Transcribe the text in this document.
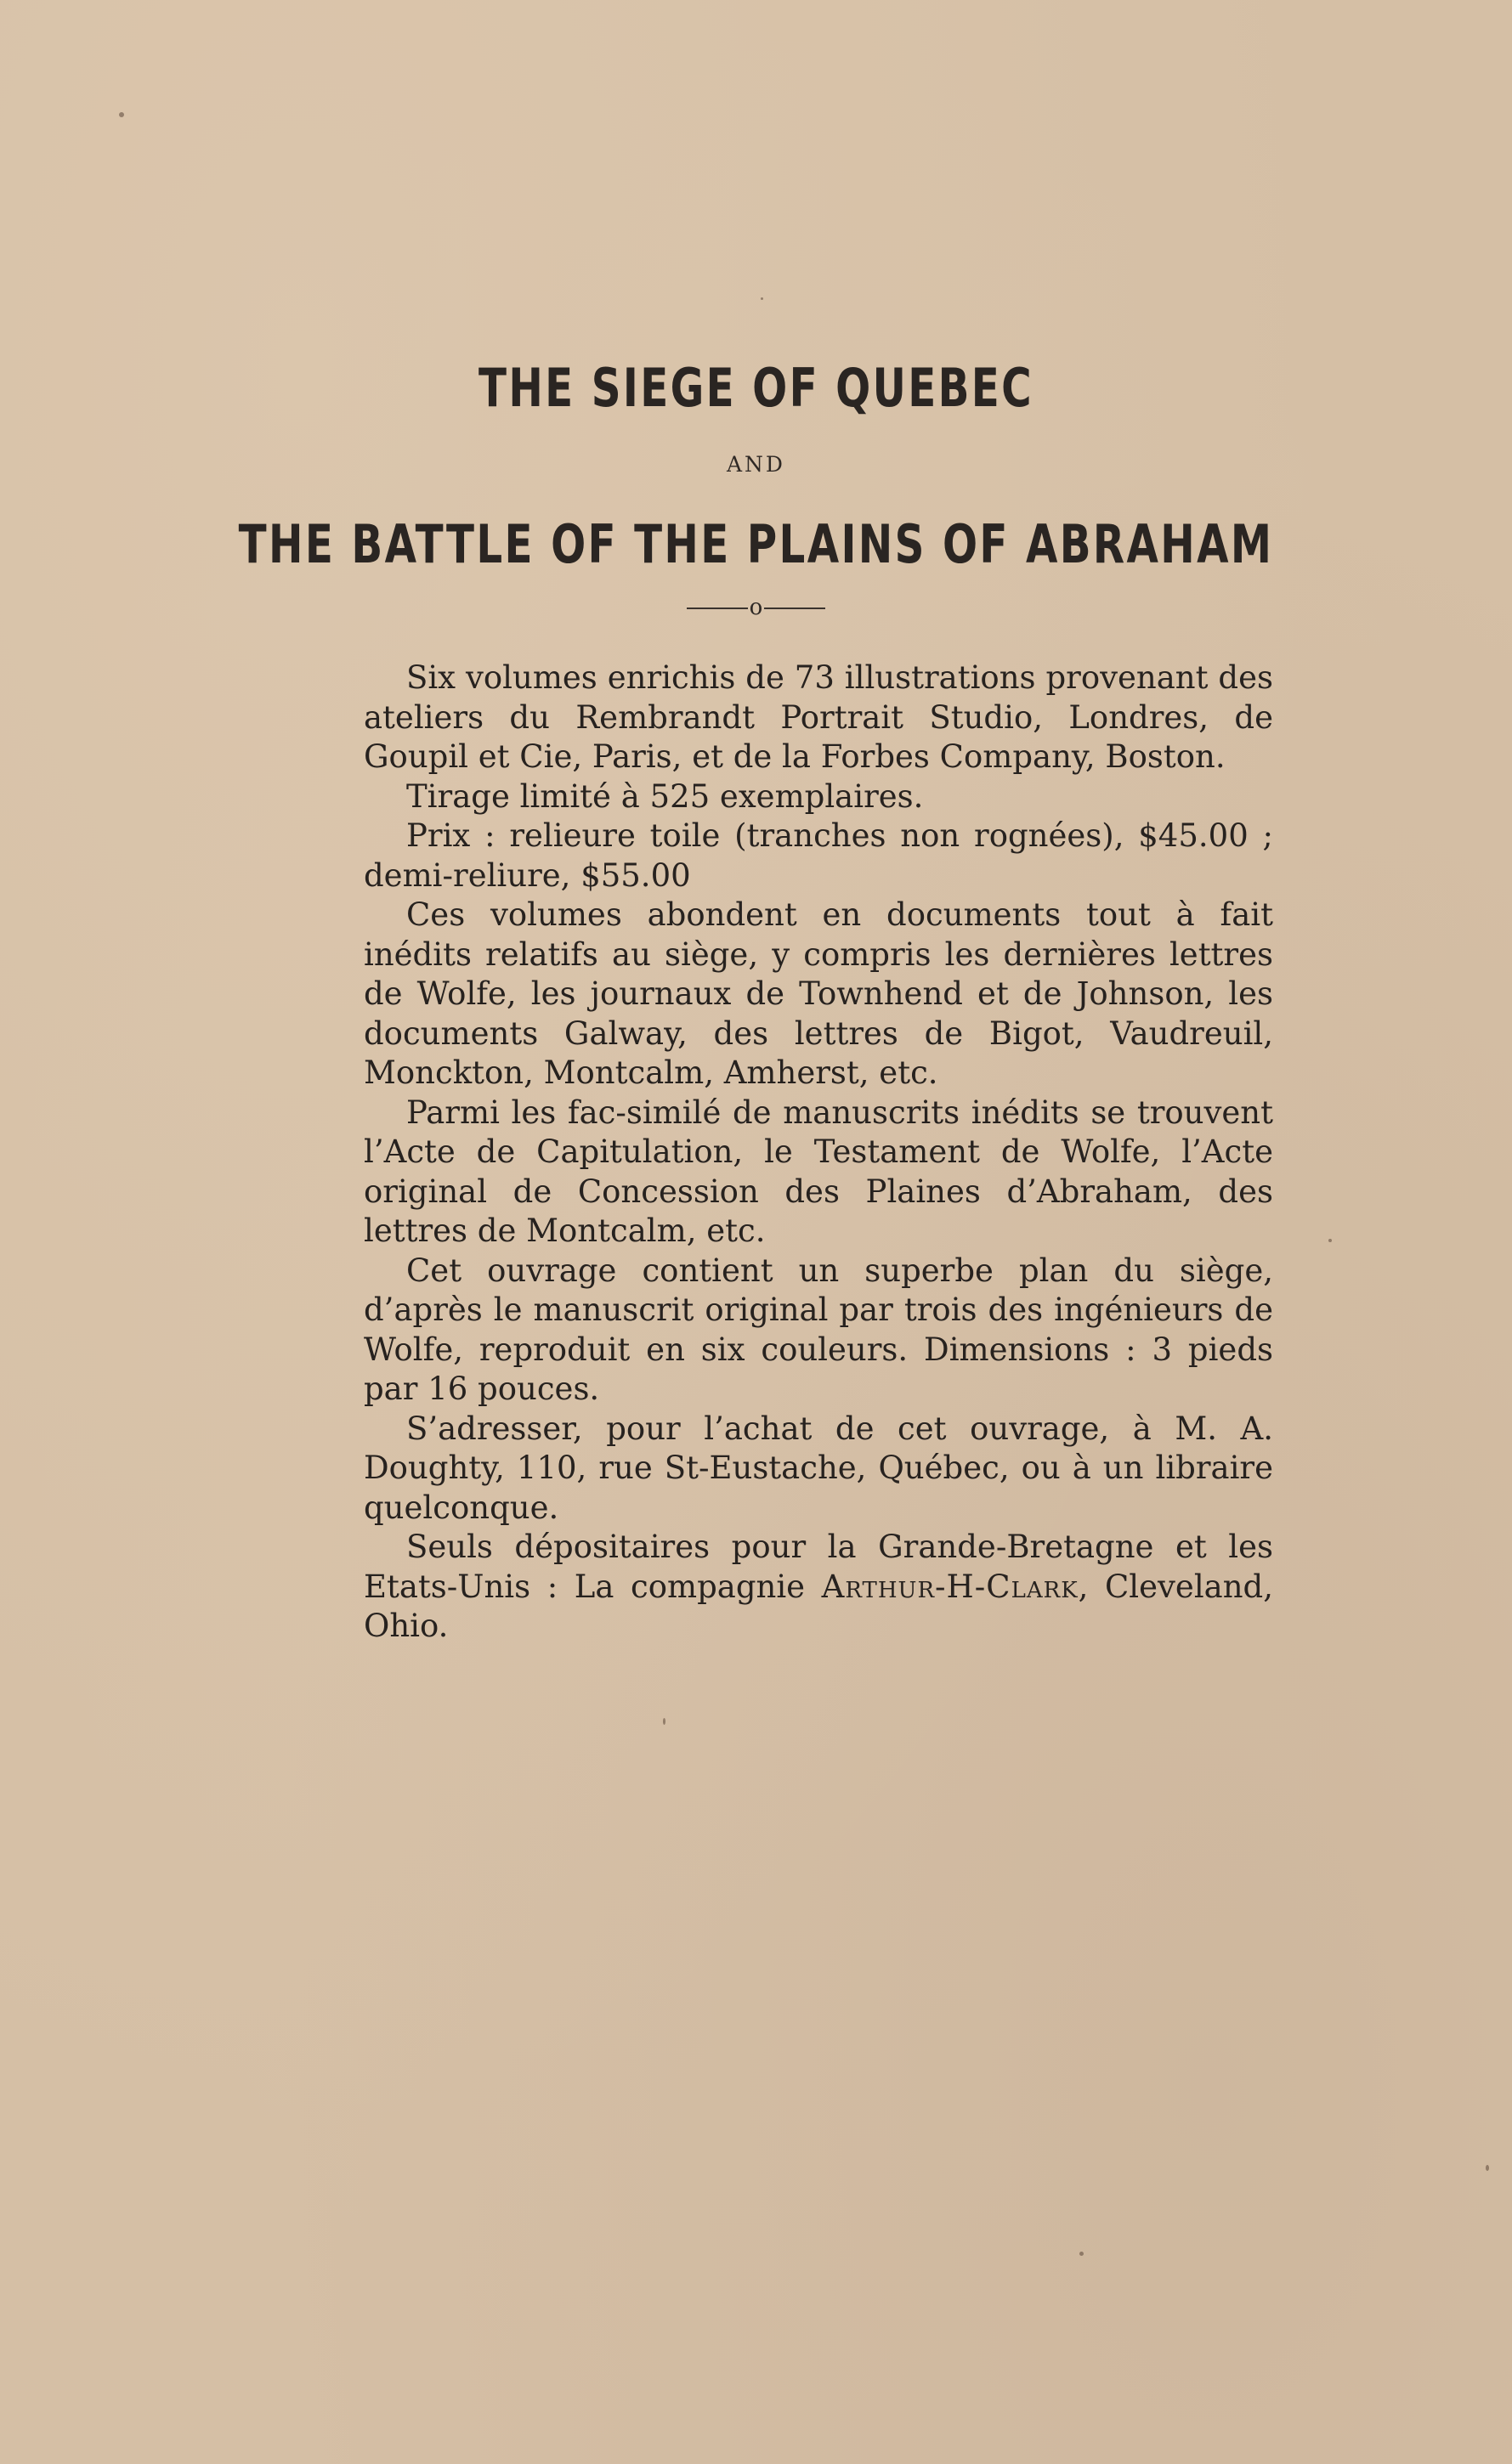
THE SIEGE OF QUEBEC
AND
THE BATTLE OF THE PLAINS OF ABRAHAM
o

Six volumes enrichis de 73 illustrations provenant des ateliers du Rembrandt Portrait Studio, Londres, de Goupil et Cie, Paris, et de la Forbes Company, Boston.

Tirage limité à 525 exemplaires.

Prix : relieure toile (tranches non rognées), $45.00 ; demi-reliure, $55.00

Ces volumes abondent en documents tout à fait inédits relatifs au siège, y compris les dernières lettres de Wolfe, les journaux de Townhend et de Johnson, les documents Galway, des lettres de Bigot, Vaudreuil, Monckton, Montcalm, Amherst, etc.

Parmi les fac-similé de manuscrits inédits se trouvent l’Acte de Capitulation, le Testament de Wolfe, l’Acte original de Concession des Plaines d’Abraham, des lettres de Montcalm, etc.

Cet ouvrage contient un superbe plan du siège, d’après le manuscrit original par trois des ingénieurs de Wolfe, reproduit en six couleurs. Dimensions : 3 pieds par 16 pouces.

S’adresser, pour l’achat de cet ouvrage, à M. A. Doughty, 110, rue St-Eustache, Québec, ou à un libraire quelconque.

Seuls dépositaires pour la Grande-Bretagne et les Etats-Unis : La compagnie Arthur-H-Clark, Cleveland, Ohio.
